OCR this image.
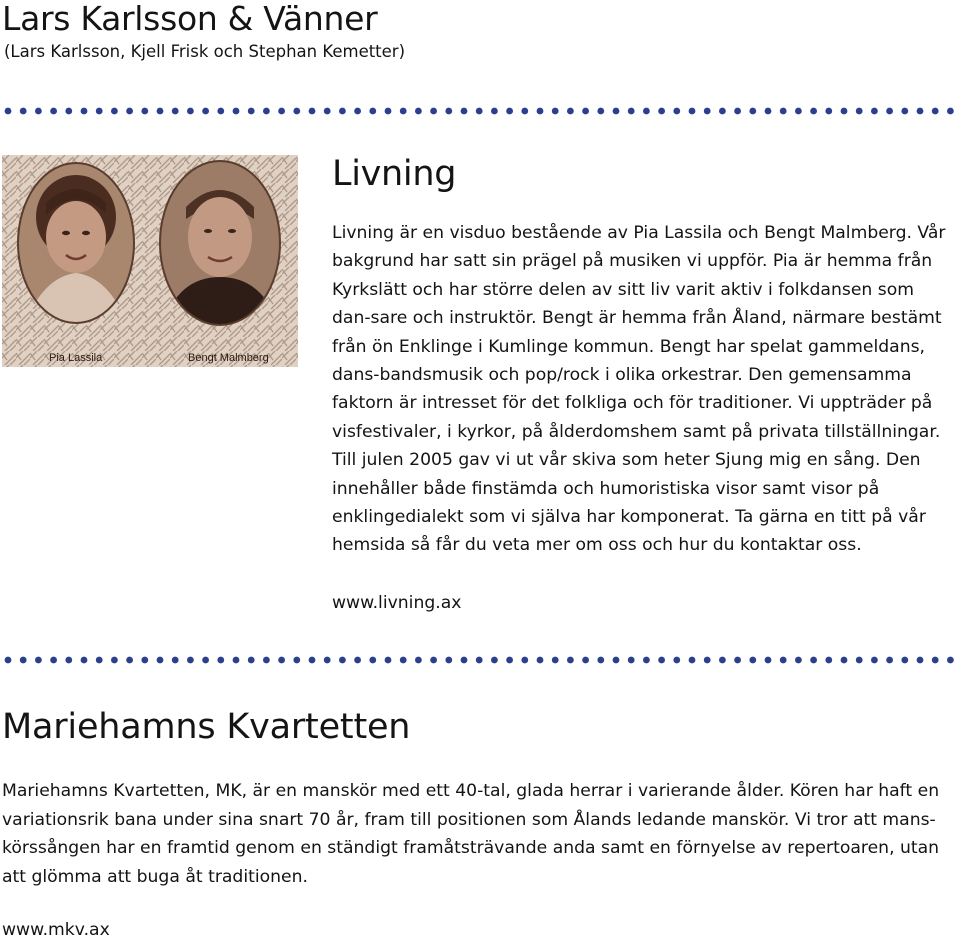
Lars Karlsson & Vänner

(Lars Karlsson, Kjell Frisk och Stephan Kemetter)

Pia Lassila	Bengt Malmberg
Livning

Livning är en visduo bestående av Pia Lassila och Bengt Malmberg. Vår bakgrund har satt sin prägel på musiken vi uppför. Pia är hemma från Kyrkslätt och har större delen av sitt liv varit aktiv i folkdansen som dan-sare och instruktör. Bengt är hemma från Åland, närmare bestämt från ön Enklinge i Kumlinge kommun. Bengt har spelat gammeldans, dans-bandsmusik och pop/rock i olika orkestrar. Den gemensamma faktorn är intresset för det folkliga och för traditioner. Vi uppträder på visfestivaler, i kyrkor, på ålderdomshem samt på privata tillställningar. Till julen 2005 gav vi ut vår skiva som heter Sjung mig en sång. Den innehåller både finstämda och humoristiska visor samt visor på enklingedialekt som vi själva har komponerat. Ta gärna en titt på vår hemsida så får du veta mer om oss och hur du kontaktar oss.

www.livning.ax
Mariehamns Kvartetten

Mariehamns Kvartetten, MK, är en manskör med ett 40-tal, glada herrar i varierande ålder. Kören har haft en variationsrik bana under sina snart 70 år, fram till positionen som Ålands ledande manskör. Vi tror att mans-körssången har en framtid genom en ständigt framåtsträvande anda samt en förnyelse av repertoaren, utan att glömma att buga åt traditionen.

www.mkv.ax
